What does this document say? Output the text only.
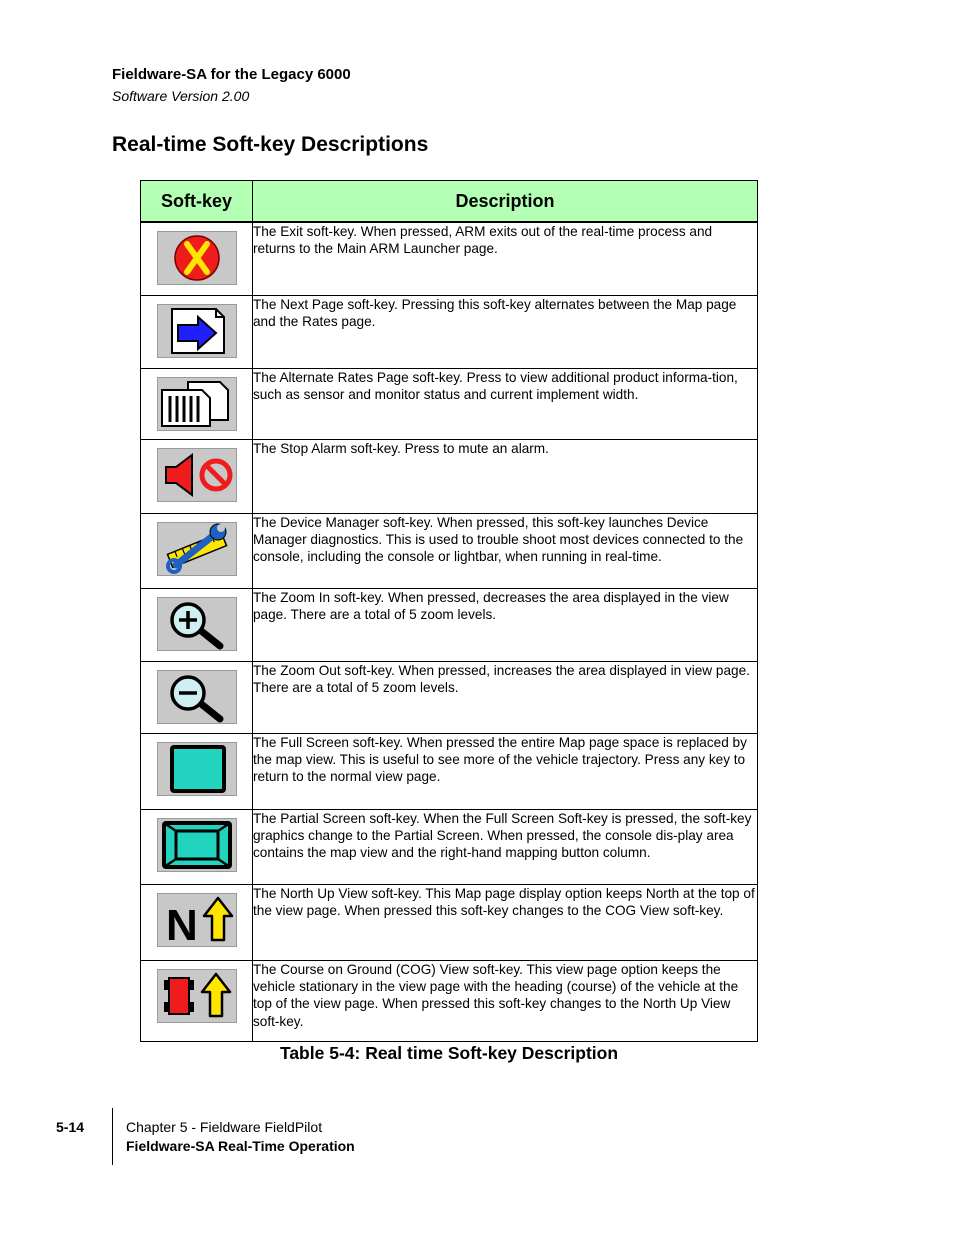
Fieldware-SA for the Legacy 6000
Software Version 2.00
Real-time Soft-key Descriptions
Soft-key	Description

	The Exit soft-key. When pressed, ARM exits out of the real-time process and returns to the Main ARM Launcher page.

	The Next Page soft-key. Pressing this soft-key alternates between the Map page and the Rates page.

	The Alternate Rates Page soft-key. Press to view additional product informa-tion, such as sensor and monitor status and current implement width.

	The Stop Alarm soft-key. Press to mute an alarm.

	The Device Manager soft-key. When pressed, this soft-key launches Device Manager diagnostics. This is used to trouble shoot most devices connected to the console, including the console or lightbar, when running in real-time.

	The Zoom In soft-key. When pressed, decreases the area displayed in the view page. There are a total of 5 zoom levels.

	The Zoom Out soft-key. When pressed, increases the area displayed in view page. There are a total of 5 zoom levels.

	The Full Screen soft-key. When pressed the entire Map page space is replaced by the map view. This is useful to see more of the vehicle trajectory. Press any key to return to the normal view page.

	The Partial Screen soft-key. When the Full Screen Soft-key is pressed, the soft-key graphics change to the Partial Screen. When pressed, the console dis-play area contains the map view and the right-hand mapping button column.

N	The North Up View soft-key. This Map page display option keeps North at the top of the view page. When pressed this soft-key changes to the COG View soft-key.

	The Course on Ground (COG) View soft-key. This view page option keeps the vehicle stationary in the view page with the heading (course) of the vehicle at the top of the view page. When pressed this soft-key changes to the North Up View soft-key.
Table 5-4: Real time Soft-key Description
5-14	Chapter 5 - Fieldware FieldPilot
Fieldware-SA Real-Time Operation
